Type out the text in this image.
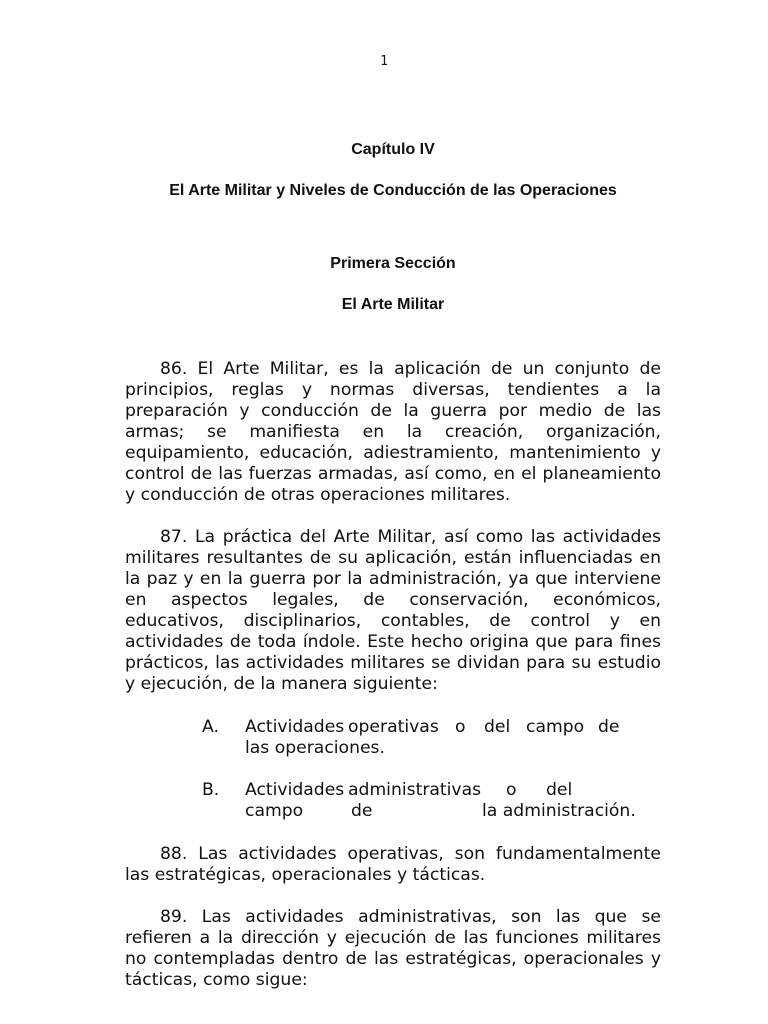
1
Capítulo IV
El Arte Militar y Niveles de Conducción de las Operaciones
Primera Sección
El Arte Militar

86. El Arte Militar, es la aplicación de un conjunto de principios, reglas y normas diversas, tendientes a la preparación y conducción de la guerra por medio de las armas; se manifiesta en la creación, organización, equipamiento, educación, adiestramiento, mantenimiento y control de las fuerzas armadas, así como, en el planeamiento y conducción de otras operaciones militares.

87. La práctica del Arte Militar, así como las actividades militares resultantes de su aplicación, están influenciadas en la paz y en la guerra por la administración, ya que interviene en aspectos legales, de conservación, económicos, educativos, disciplinarios, contables, de control y en actividades de toda índole. Este hecho origina que para fines prácticos, las actividades militares se dividan para su estudio y ejecución, de la manera siguiente:

A. Actividades operativas o del campo de
las operaciones.
B. Actividades administrativas o del
campo	de	la administración.

88. Las actividades operativas, son fundamentalmente las estratégicas, operacionales y tácticas.

89. Las actividades administrativas, son las que se refieren a la dirección y ejecución de las funciones militares no contempladas dentro de las estratégicas, operacionales y tácticas, como sigue:
